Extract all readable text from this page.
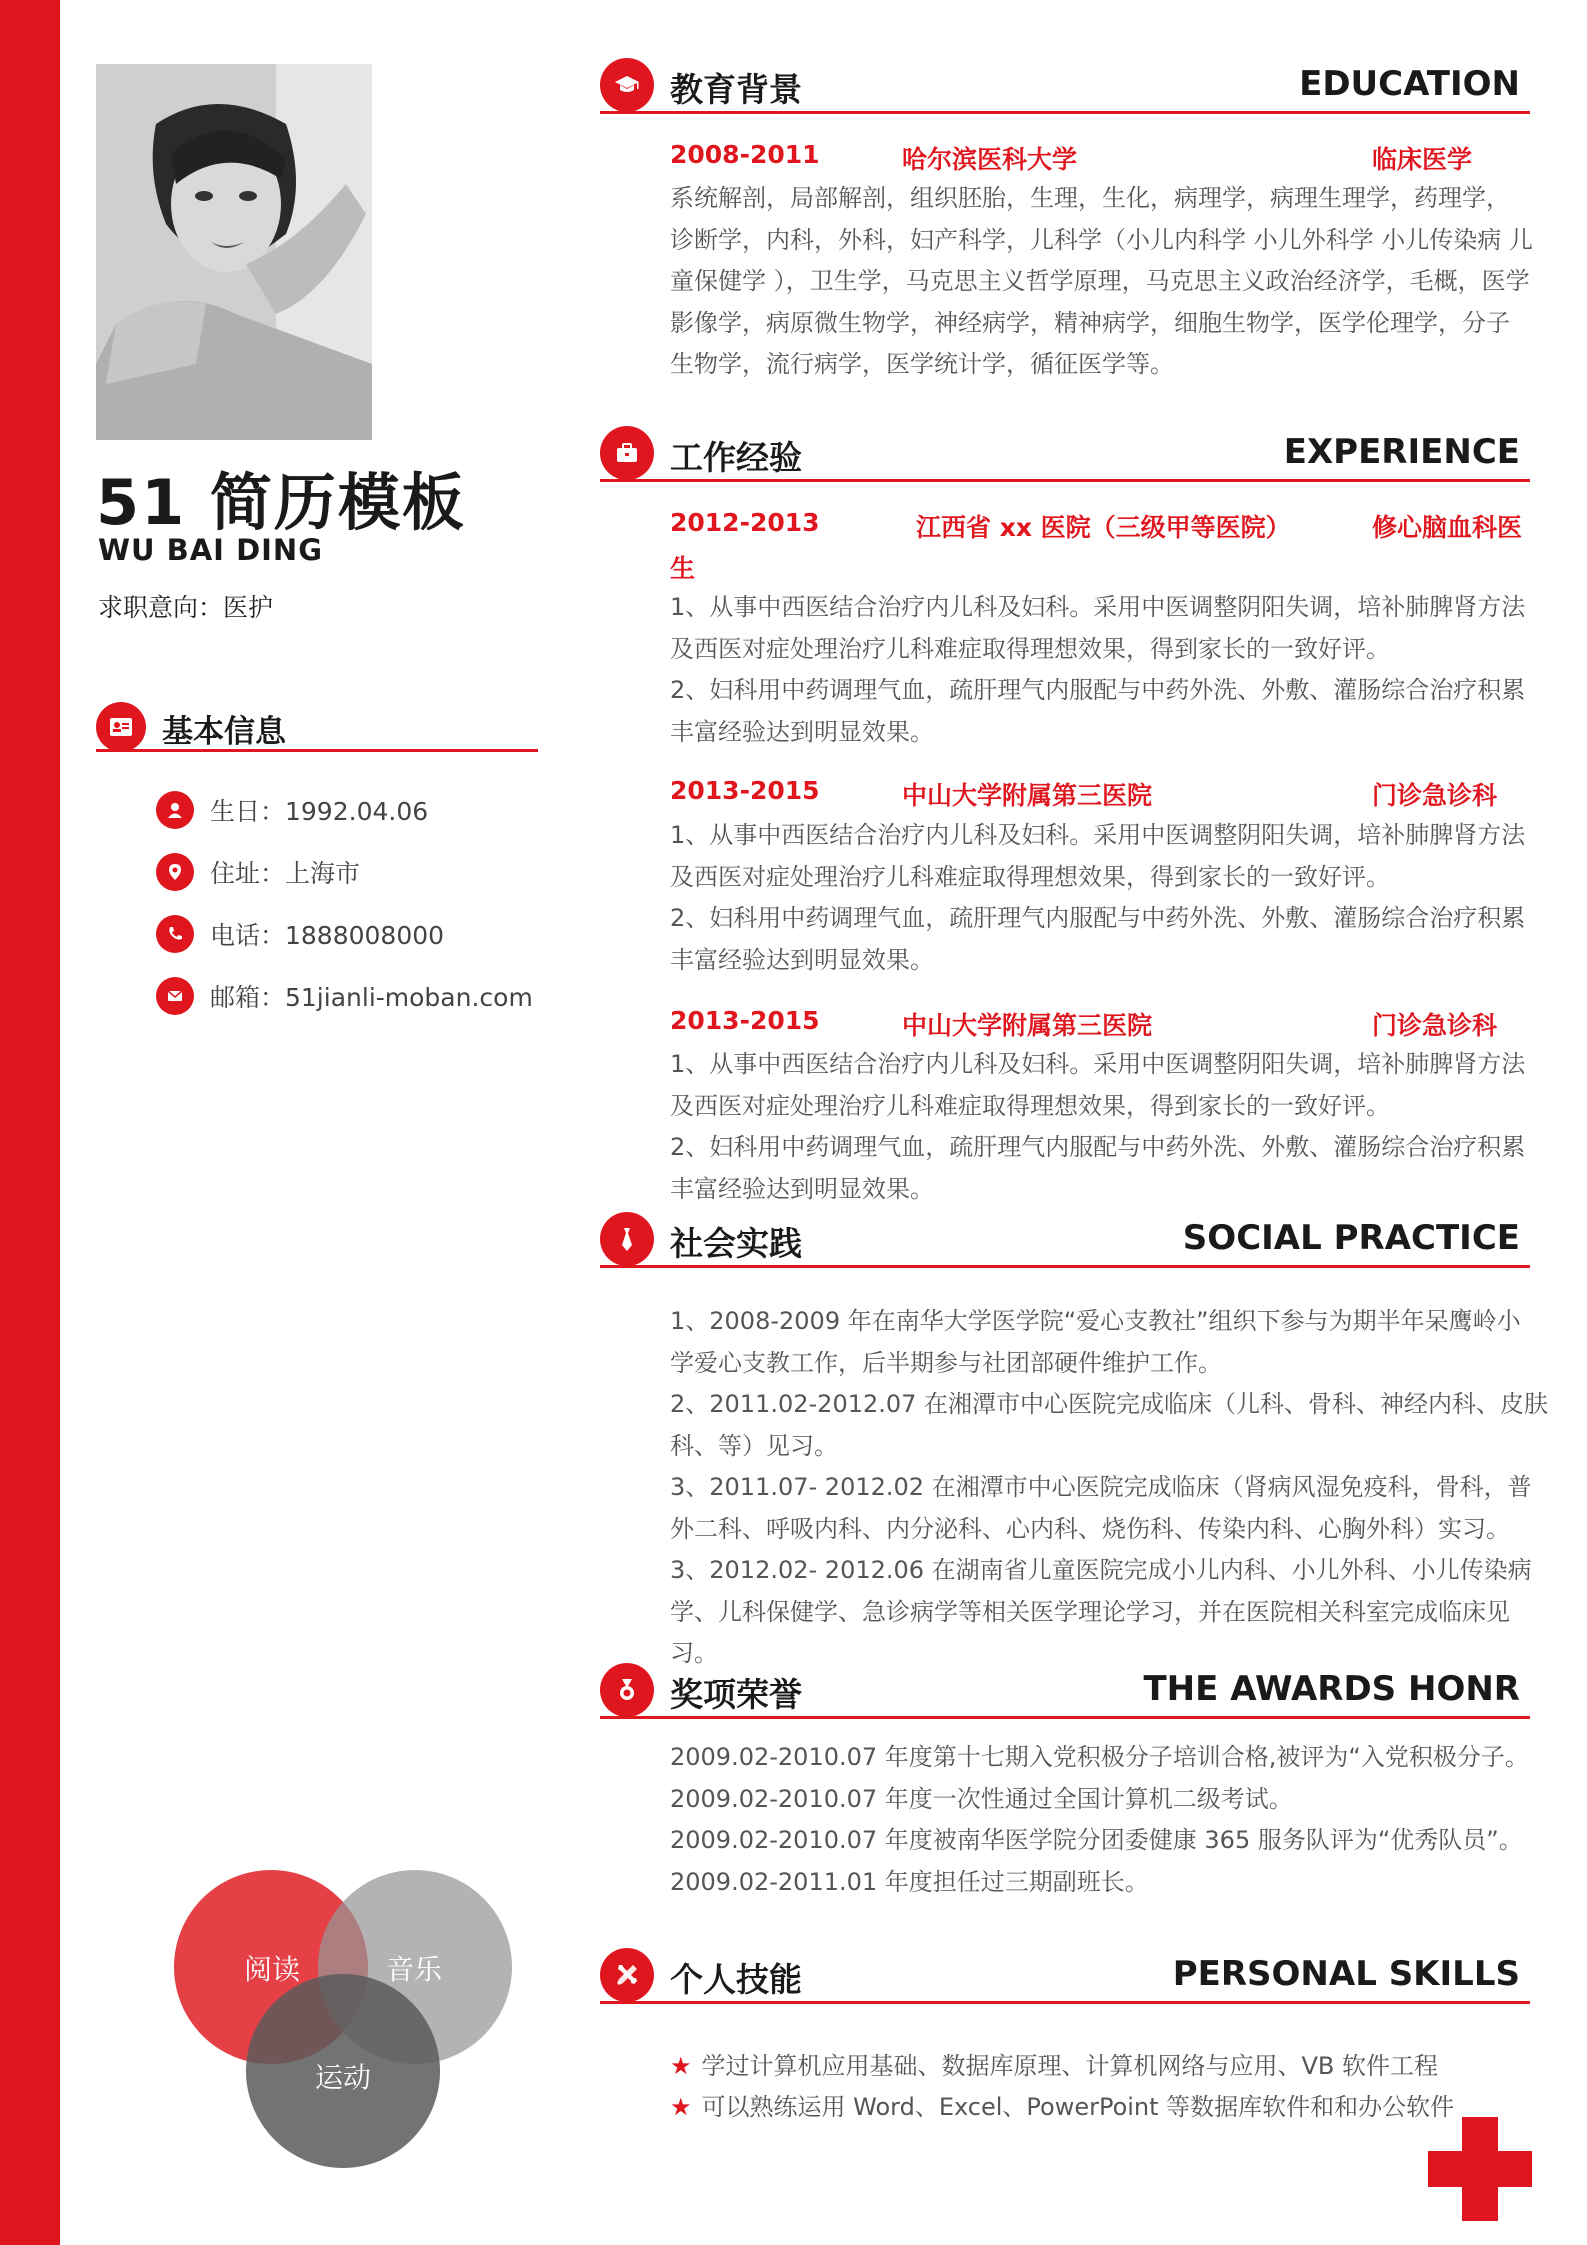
51 简历模板
WU BAI DING
求职意向：医护
基本信息
生日：1992.04.06
住址：上海市
电话：1888008000
邮箱：51jianli-moban.com
阅读	音乐
运动
教育背景	EDUCATION
2008-2011	哈尔滨医科大学	临床医学
系统解剖，局部解剖，组织胚胎，生理，生化，病理学，病理生理学，药理学，
诊断学，内科，外科，妇产科学，儿科学（小儿内科学 小儿外科学 小儿传染病 儿
童保健学 ），卫生学，马克思主义哲学原理，马克思主义政治经济学，毛概，医学
影像学，病原微生物学，神经病学，精神病学，细胞生物学，医学伦理学，分子
生物学，流行病学，医学统计学，循征医学等。
工作经验	EXPERIENCE
2012-2013	江西省 xx 医院（三级甲等医院）	修心脑血科医
生
1、从事中西医结合治疗内儿科及妇科。采用中医调整阴阳失调，培补肺脾肾方法
及西医对症处理治疗儿科难症取得理想效果，得到家长的一致好评。
2、妇科用中药调理气血，疏肝理气内服配与中药外洗、外敷、灌肠综合治疗积累
丰富经验达到明显效果。
2013-2015	中山大学附属第三医院	门诊急诊科
1、从事中西医结合治疗内儿科及妇科。采用中医调整阴阳失调，培补肺脾肾方法
及西医对症处理治疗儿科难症取得理想效果，得到家长的一致好评。
2、妇科用中药调理气血，疏肝理气内服配与中药外洗、外敷、灌肠综合治疗积累
丰富经验达到明显效果。
2013-2015	中山大学附属第三医院	门诊急诊科
1、从事中西医结合治疗内儿科及妇科。采用中医调整阴阳失调，培补肺脾肾方法
及西医对症处理治疗儿科难症取得理想效果，得到家长的一致好评。
2、妇科用中药调理气血，疏肝理气内服配与中药外洗、外敷、灌肠综合治疗积累
丰富经验达到明显效果。
社会实践	SOCIAL PRACTICE
1、2008-2009 年在南华大学医学院“爱心支教社”组织下参与为期半年呆鹰岭小
学爱心支教工作，后半期参与社团部硬件维护工作。
2、2011.02-2012.07 在湘潭市中心医院完成临床（儿科、骨科、神经内科、皮肤
科、等）见习。
3、2011.07- 2012.02 在湘潭市中心医院完成临床（肾病风湿免疫科，骨科，普
外二科、呼吸内科、内分泌科、心内科、烧伤科、传染内科、心胸外科）实习。
3、2012.02- 2012.06 在湖南省儿童医院完成小儿内科、小儿外科、小儿传染病
学、儿科保健学、急诊病学等相关医学理论学习，并在医院相关科室完成临床见
习。
奖项荣誉	THE AWARDS HONR
2009.02-2010.07 年度第十七期入党积极分子培训合格,被评为“入党积极分子。
2009.02-2010.07 年度一次性通过全国计算机二级考试。
2009.02-2010.07 年度被南华医学院分团委健康 365 服务队评为“优秀队员”。
2009.02-2011.01 年度担任过三期副班长。
个人技能	PERSONAL SKILLS
★ 学过计算机应用基础、数据库原理、计算机网络与应用、VB 软件工程
★ 可以熟练运用 Word、Excel、PowerPoint 等数据库软件和和办公软件
